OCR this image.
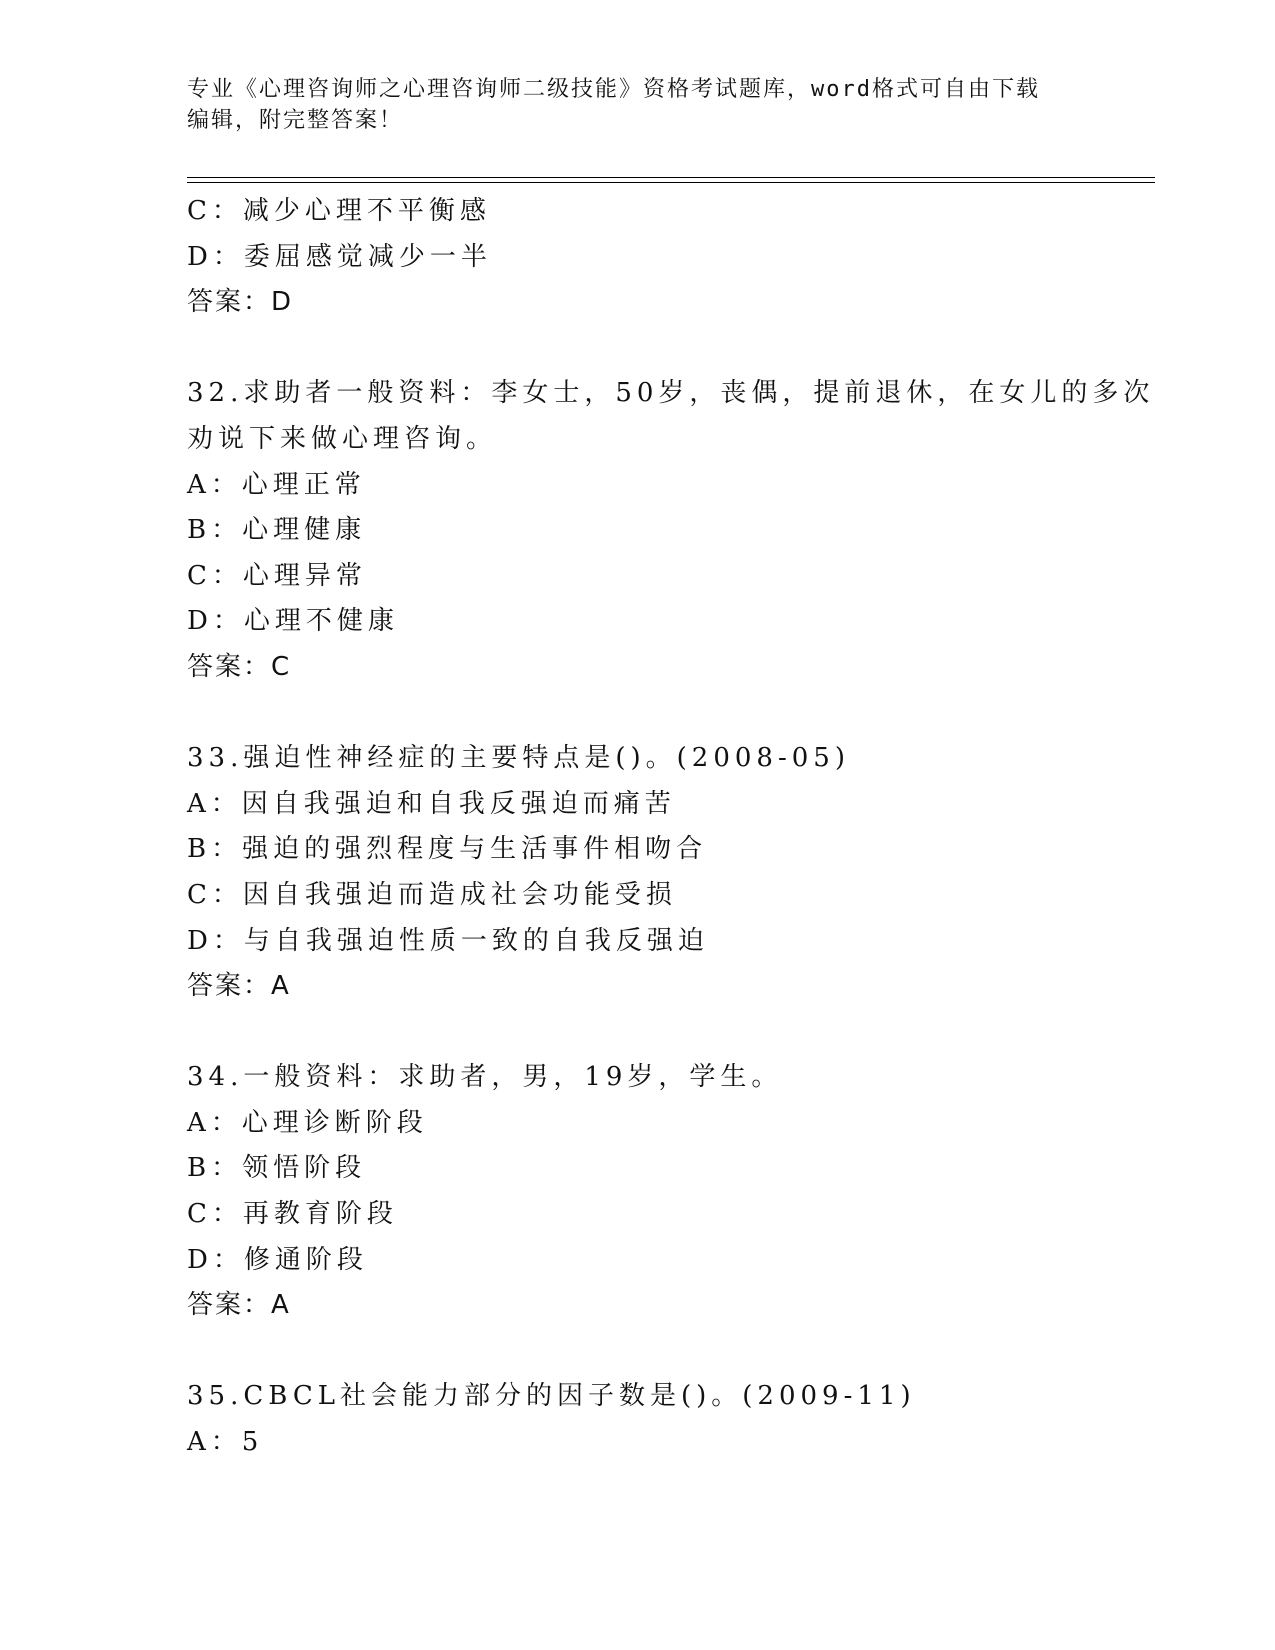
专业《心理咨询师之心理咨询师二级技能》资格考试题库，word格式可自由下载
编辑，附完整答案！
C：减少心理不平衡感
D：委屈感觉减少一半
答案：D
32.求助者一般资料：李女士，50岁，丧偶，提前退休，在女儿的多次
劝说下来做心理咨询。
A：心理正常
B：心理健康
C：心理异常
D：心理不健康
答案：C
33.强迫性神经症的主要特点是()。(2008-05)
A：因自我强迫和自我反强迫而痛苦
B：强迫的强烈程度与生活事件相吻合
C：因自我强迫而造成社会功能受损
D：与自我强迫性质一致的自我反强迫
答案：A
34.一般资料：求助者，男，19岁，学生。
A：心理诊断阶段
B：领悟阶段
C：再教育阶段
D：修通阶段
答案：A
35.CBCL社会能力部分的因子数是()。(2009-11)
A：5
